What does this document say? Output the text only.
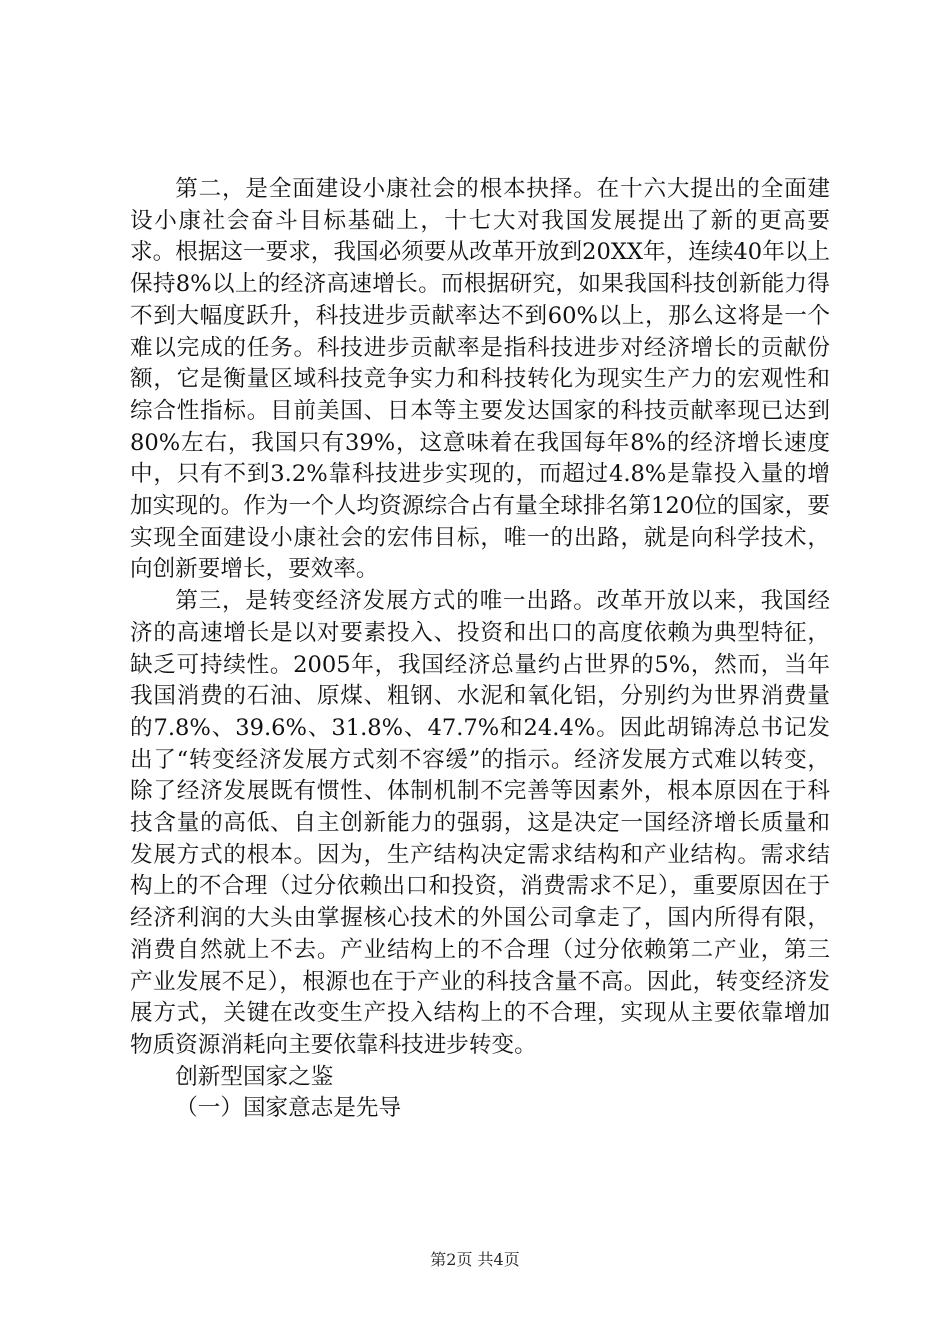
第二，是全面建设小康社会的根本抉择。在十六大提出的全面建设小康社会奋斗目标基础上，十七大对我国发展提出了新的更高要求。根据这一要求，我国必须要从改革开放到20XX年，连续40年以上保持8%以上的经济高速增长。而根据研究，如果我国科技创新能力得不到大幅度跃升，科技进步贡献率达不到60%以上，那么这将是一个难以完成的任务。科技进步贡献率是指科技进步对经济增长的贡献份额，它是衡量区域科技竞争实力和科技转化为现实生产力的宏观性和综合性指标。目前美国、日本等主要发达国家的科技贡献率现已达到80%左右，我国只有39%，这意味着在我国每年8%的经济增长速度中，只有不到3.2%靠科技进步实现的，而超过4.8%是靠投入量的增加实现的。作为一个人均资源综合占有量全球排名第120位的国家，要实现全面建设小康社会的宏伟目标，唯一的出路，就是向科学技术，向创新要增长，要效率。

第三，是转变经济发展方式的唯一出路。改革开放以来，我国经济的高速增长是以对要素投入、投资和出口的高度依赖为典型特征，缺乏可持续性。2005年，我国经济总量约占世界的5%，然而，当年我国消费的石油、原煤、粗钢、水泥和氧化铝，分别约为世界消费量的7.8%、39.6%、31.8%、47.7%和24.4%。因此胡锦涛总书记发出了“转变经济发展方式刻不容缓”的指示。经济发展方式难以转变，除了经济发展既有惯性、体制机制不完善等因素外，根本原因在于科技含量的高低、自主创新能力的强弱，这是决定一国经济增长质量和发展方式的根本。因为，生产结构决定需求结构和产业结构。需求结构上的不合理（过分依赖出口和投资，消费需求不足），重要原因在于经济利润的大头由掌握核心技术的外国公司拿走了，国内所得有限，消费自然就上不去。产业结构上的不合理（过分依赖第二产业，第三产业发展不足），根源也在于产业的科技含量不高。因此，转变经济发展方式，关键在改变生产投入结构上的不合理，实现从主要依靠增加物质资源消耗向主要依靠科技进步转变。

创新型国家之鉴

（一）国家意志是先导

第2页 共4页
